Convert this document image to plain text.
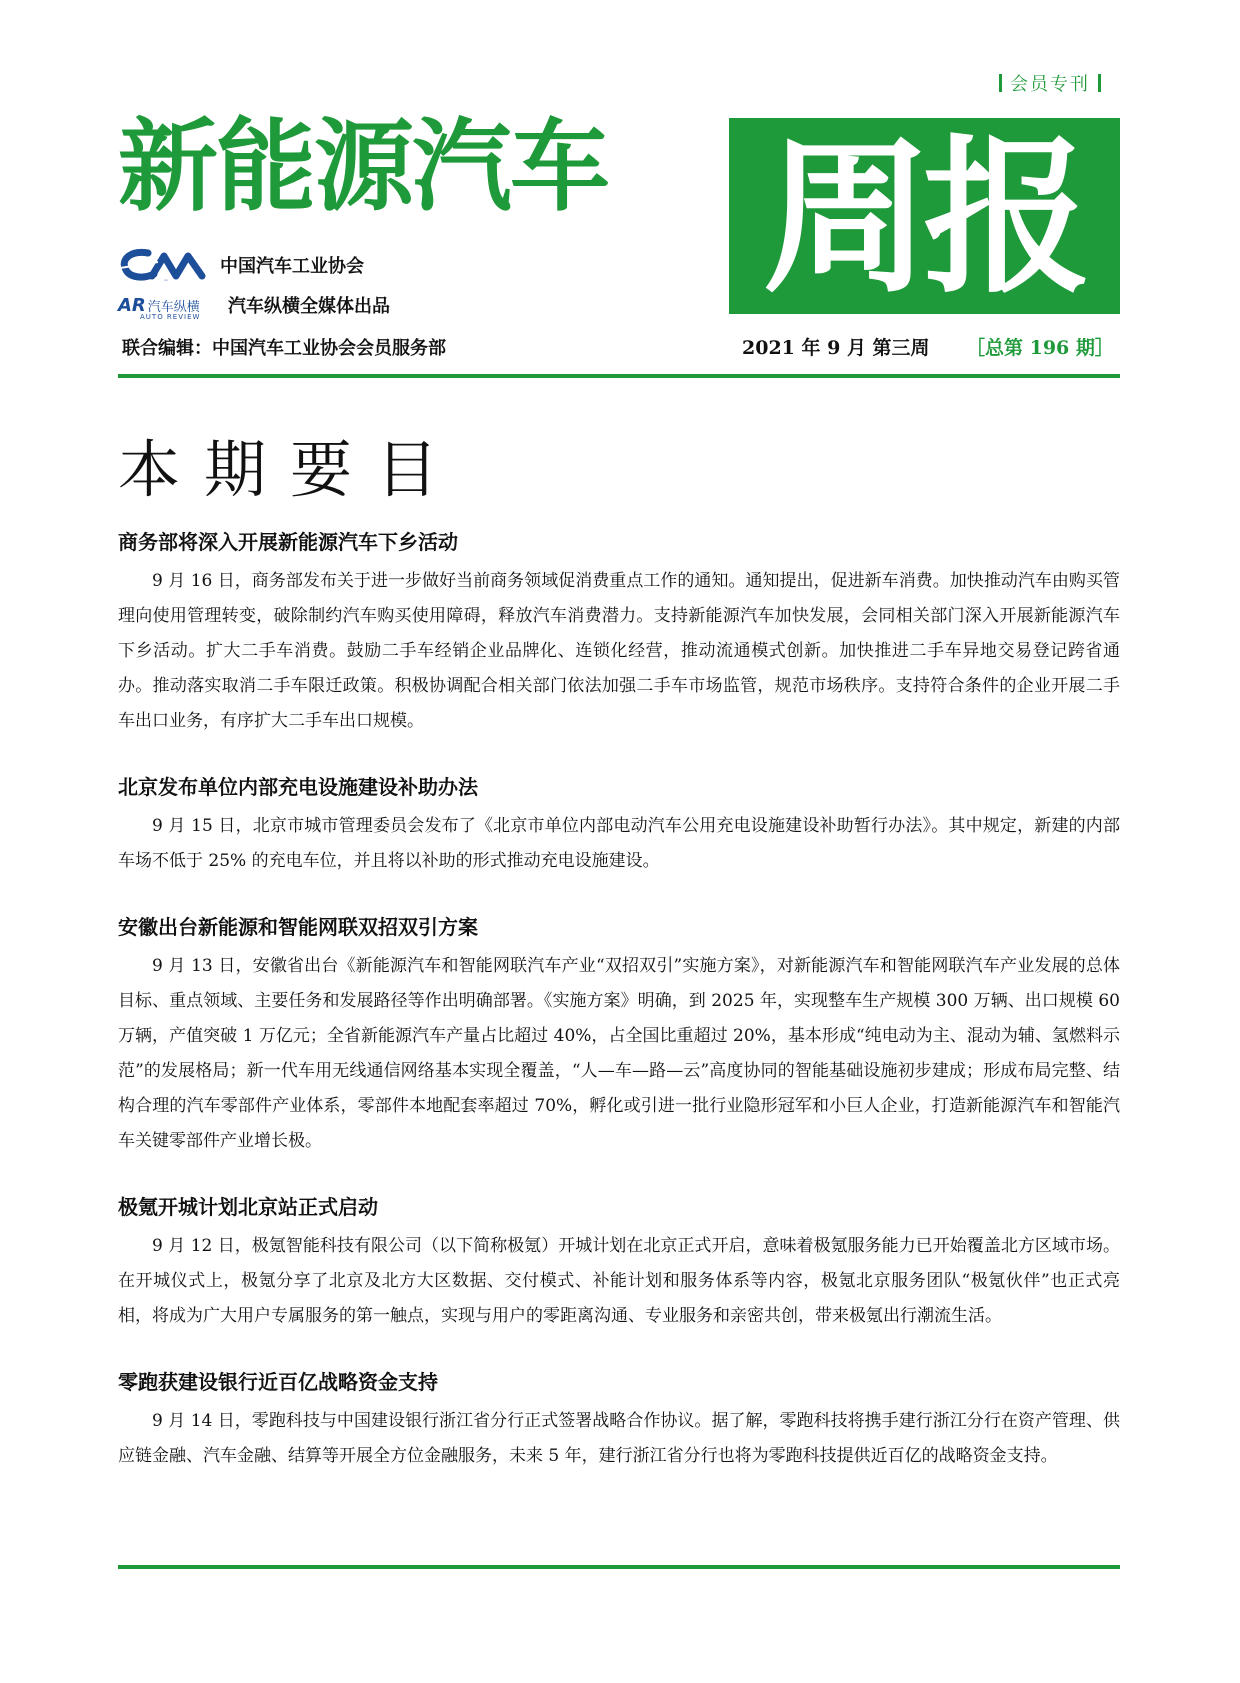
会员专刊
新能源汽车 周报
CM
中国汽车工业协会
AR 汽车纵横 汽车纵横全媒体出品
AUTO REVIEW
联合编辑：中国汽车工业协会会员服务部	2021 年 9 月 第三周 ［总第 196 期］
本期要目
商务部将深入开展新能源汽车下乡活动

9 月 16 日，商务部发布关于进一步做好当前商务领域促消费重点工作的通知。通知提出，促进新车消费。加快推动汽车由购买管理向使用管理转变，破除制约汽车购买使用障碍，释放汽车消费潜力。支持新能源汽车加快发展，会同相关部门深入开展新能源汽车下乡活动。扩大二手车消费。鼓励二手车经销企业品牌化、连锁化经营，推动流通模式创新。加快推进二手车异地交易登记跨省通办。推动落实取消二手车限迁政策。积极协调配合相关部门依法加强二手车市场监管，规范市场秩序。支持符合条件的企业开展二手车出口业务，有序扩大二手车出口规模。

北京发布单位内部充电设施建设补助办法

9 月 15 日，北京市城市管理委员会发布了《北京市单位内部电动汽车公用充电设施建设补助暂行办法》。其中规定，新建的内部车场不低于 25% 的充电车位，并且将以补助的形式推动充电设施建设。

安徽出台新能源和智能网联双招双引方案

9 月 13 日，安徽省出台《新能源汽车和智能网联汽车产业“双招双引”实施方案》，对新能源汽车和智能网联汽车产业发展的总体目标、重点领域、主要任务和发展路径等作出明确部署。《实施方案》明确，到 2025 年，实现整车生产规模 300 万辆、出口规模 60 万辆，产值突破 1 万亿元；全省新能源汽车产量占比超过 40%，占全国比重超过 20%，基本形成“纯电动为主、混动为辅、氢燃料示范”的发展格局；新一代车用无线通信网络基本实现全覆盖，“人—车—路—云”高度协同的智能基础设施初步建成；形成布局完整、结构合理的汽车零部件产业体系，零部件本地配套率超过 70%，孵化或引进一批行业隐形冠军和小巨人企业，打造新能源汽车和智能汽车关键零部件产业增长极。

极氪开城计划北京站正式启动

9 月 12 日，极氪智能科技有限公司（以下简称极氪）开城计划在北京正式开启，意味着极氪服务能力已开始覆盖北方区域市场。在开城仪式上，极氪分享了北京及北方大区数据、交付模式、补能计划和服务体系等内容，极氪北京服务团队“极氪伙伴”也正式亮相，将成为广大用户专属服务的第一触点，实现与用户的零距离沟通、专业服务和亲密共创，带来极氪出行潮流生活。

零跑获建设银行近百亿战略资金支持

9 月 14 日，零跑科技与中国建设银行浙江省分行正式签署战略合作协议。据了解，零跑科技将携手建行浙江分行在资产管理、供应链金融、汽车金融、结算等开展全方位金融服务，未来 5 年，建行浙江省分行也将为零跑科技提供近百亿的战略资金支持。
